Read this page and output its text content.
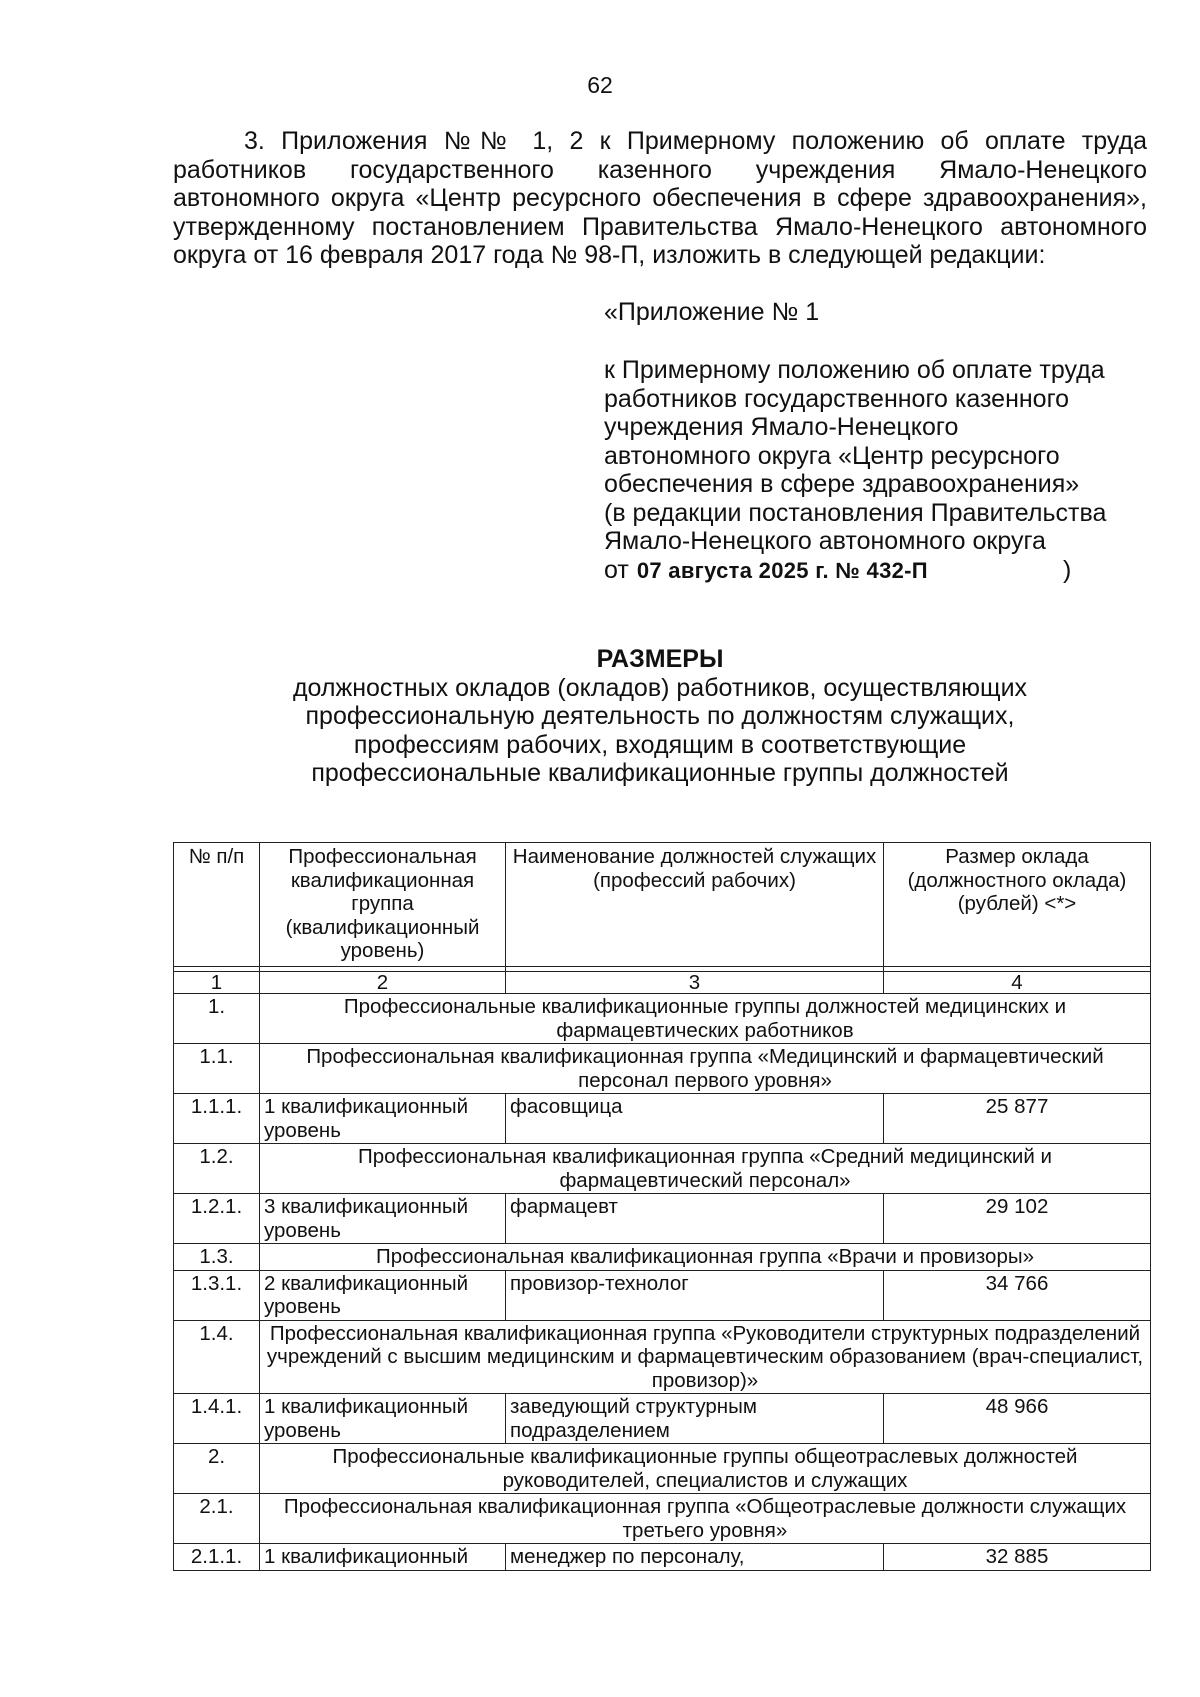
62

3. Приложения №№ 1, 2 к Примерному положению об оплате труда работников государственного казенного учреждения Ямало-Ненецкого автономного округа «Центр ресурсного обеспечения в сфере здравоохранения», утвержденному постановлением Правительства Ямало-Ненецкого автономного округа от 16 февраля 2017 года № 98-П, изложить в следующей редакции:

«Приложение № 1
к Примерному положению об оплате труда
работников государственного казенного
учреждения Ямало-Ненецкого
автономного округа «Центр ресурсного
обеспечения в сфере здравоохранения»
(в редакции постановления Правительства
Ямало-Ненецкого автономного округа
от 07 августа 2025 г. № 432-П	)
РАЗМЕРЫ
должностных окладов (окладов) работников, осуществляющих
профессиональную деятельность по должностям служащих,
профессиям рабочих, входящим в соответствующие
профессиональные квалификационные группы должностей
№ п/п	Профессиональная квалификационная группа (квалификационный уровень)	Наименование должностей служащих (профессий рабочих)	Размер оклада (должностного оклада) (рублей) <*>

1	2	3	4
1.	Профессиональные квалификационные группы должностей медицинских и фармацевтических работников		
1.1.	Профессиональная квалификационная группа «Медицинский и фармацевтический персонал первого уровня»		
1.1.1.	1 квалификационный уровень	фасовщица	25 877
1.2.	Профессиональная квалификационная группа «Средний медицинский и фармацевтический персонал»		
1.2.1.	3 квалификационный уровень	фармацевт	29 102
1.3.	Профессиональная квалификационная группа «Врачи и провизоры»		
1.3.1.	2 квалификационный уровень	провизор-технолог	34 766
1.4.	Профессиональная квалификационная группа «Руководители структурных подразделений учреждений с высшим медицинским и фармацевтическим образованием (врач-специалист, провизор)»		
1.4.1.	1 квалификационный уровень	заведующий структурным подразделением	48 966
2.	Профессиональные квалификационные группы общеотраслевых должностей руководителей, специалистов и служащих		
2.1.	Профессиональная квалификационная группа «Общеотраслевые должности служащих третьего уровня»		
2.1.1.	1 квалификационный	менеджер по персоналу,	32 885
